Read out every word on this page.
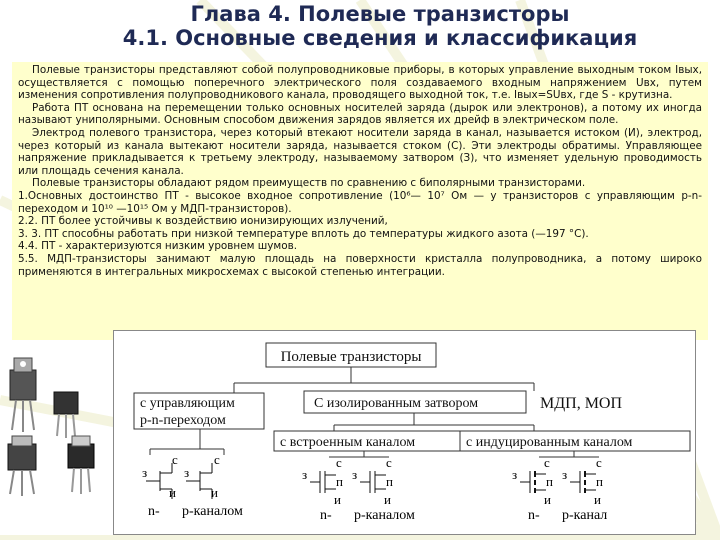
Глава 4. Полевые транзисторы
4.1. Основные сведения и классификация

Полевые транзисторы представляют собой полупроводниковые приборы, в которых управление выходным током Iвых, осуществляется с помощью поперечного электрического поля создаваемого входным напряжением Uвх, путем изменения сопротивления полупроводникового канала, проводящего выходной ток, т.е. Iвых=SUвх, где S - крутизна.

Работа ПТ основана на перемещении только основных носителей заряда (дырок или электронов), а потому их иногда называют униполярными. Основным способом движения зарядов является их дрейф в электрическом поле.

Электрод полевого транзистора, через который втекают носители заряда в канал, называется истоком (И), электрод, через который из канала вытекают носители заряда, называется стоком (С). Эти электроды обратимы. Управляющее напряжение прикладывается к третьему электроду, называемому затвором (З), что изменяет удельную проводимость или площадь сечения канала.

Полевые транзисторы обладают рядом преимуществ по сравнению с биполярными транзисторами.

1.Основных достоинство ПТ - высокое входное сопротивление (10⁶— 10⁷ Ом — у транзисторов с управляющим p-n-переходом и 10¹⁰ —10¹⁵ Ом у МДП-транзисторов).

2.2. ПТ более устойчивы к воздействию ионизирующих излучений,

3. 3. ПТ способны работать при низкой температуре вплоть до температуры жидкого азота (—197 °С).

4.4. ПТ - характеризуются низким уровнем шумов.

5.5. МДП-транзисторы занимают малую площадь на поверхности кристалла полупроводника, а потому широко применяются в интегральных микросхемах с высокой степенью интеграции.

Полевые транзисторы
с управляющим
p-n-переходом
С изолированным затвором	МДП, МОП
с встроенным каналом	с индуцированным каналом
з
с
и
з
с
и
n- р-каналом
з
с
п
и
з
с
п
и
n- р-каналом
з
с
п
и
з
с
п
и
n- р-канал
